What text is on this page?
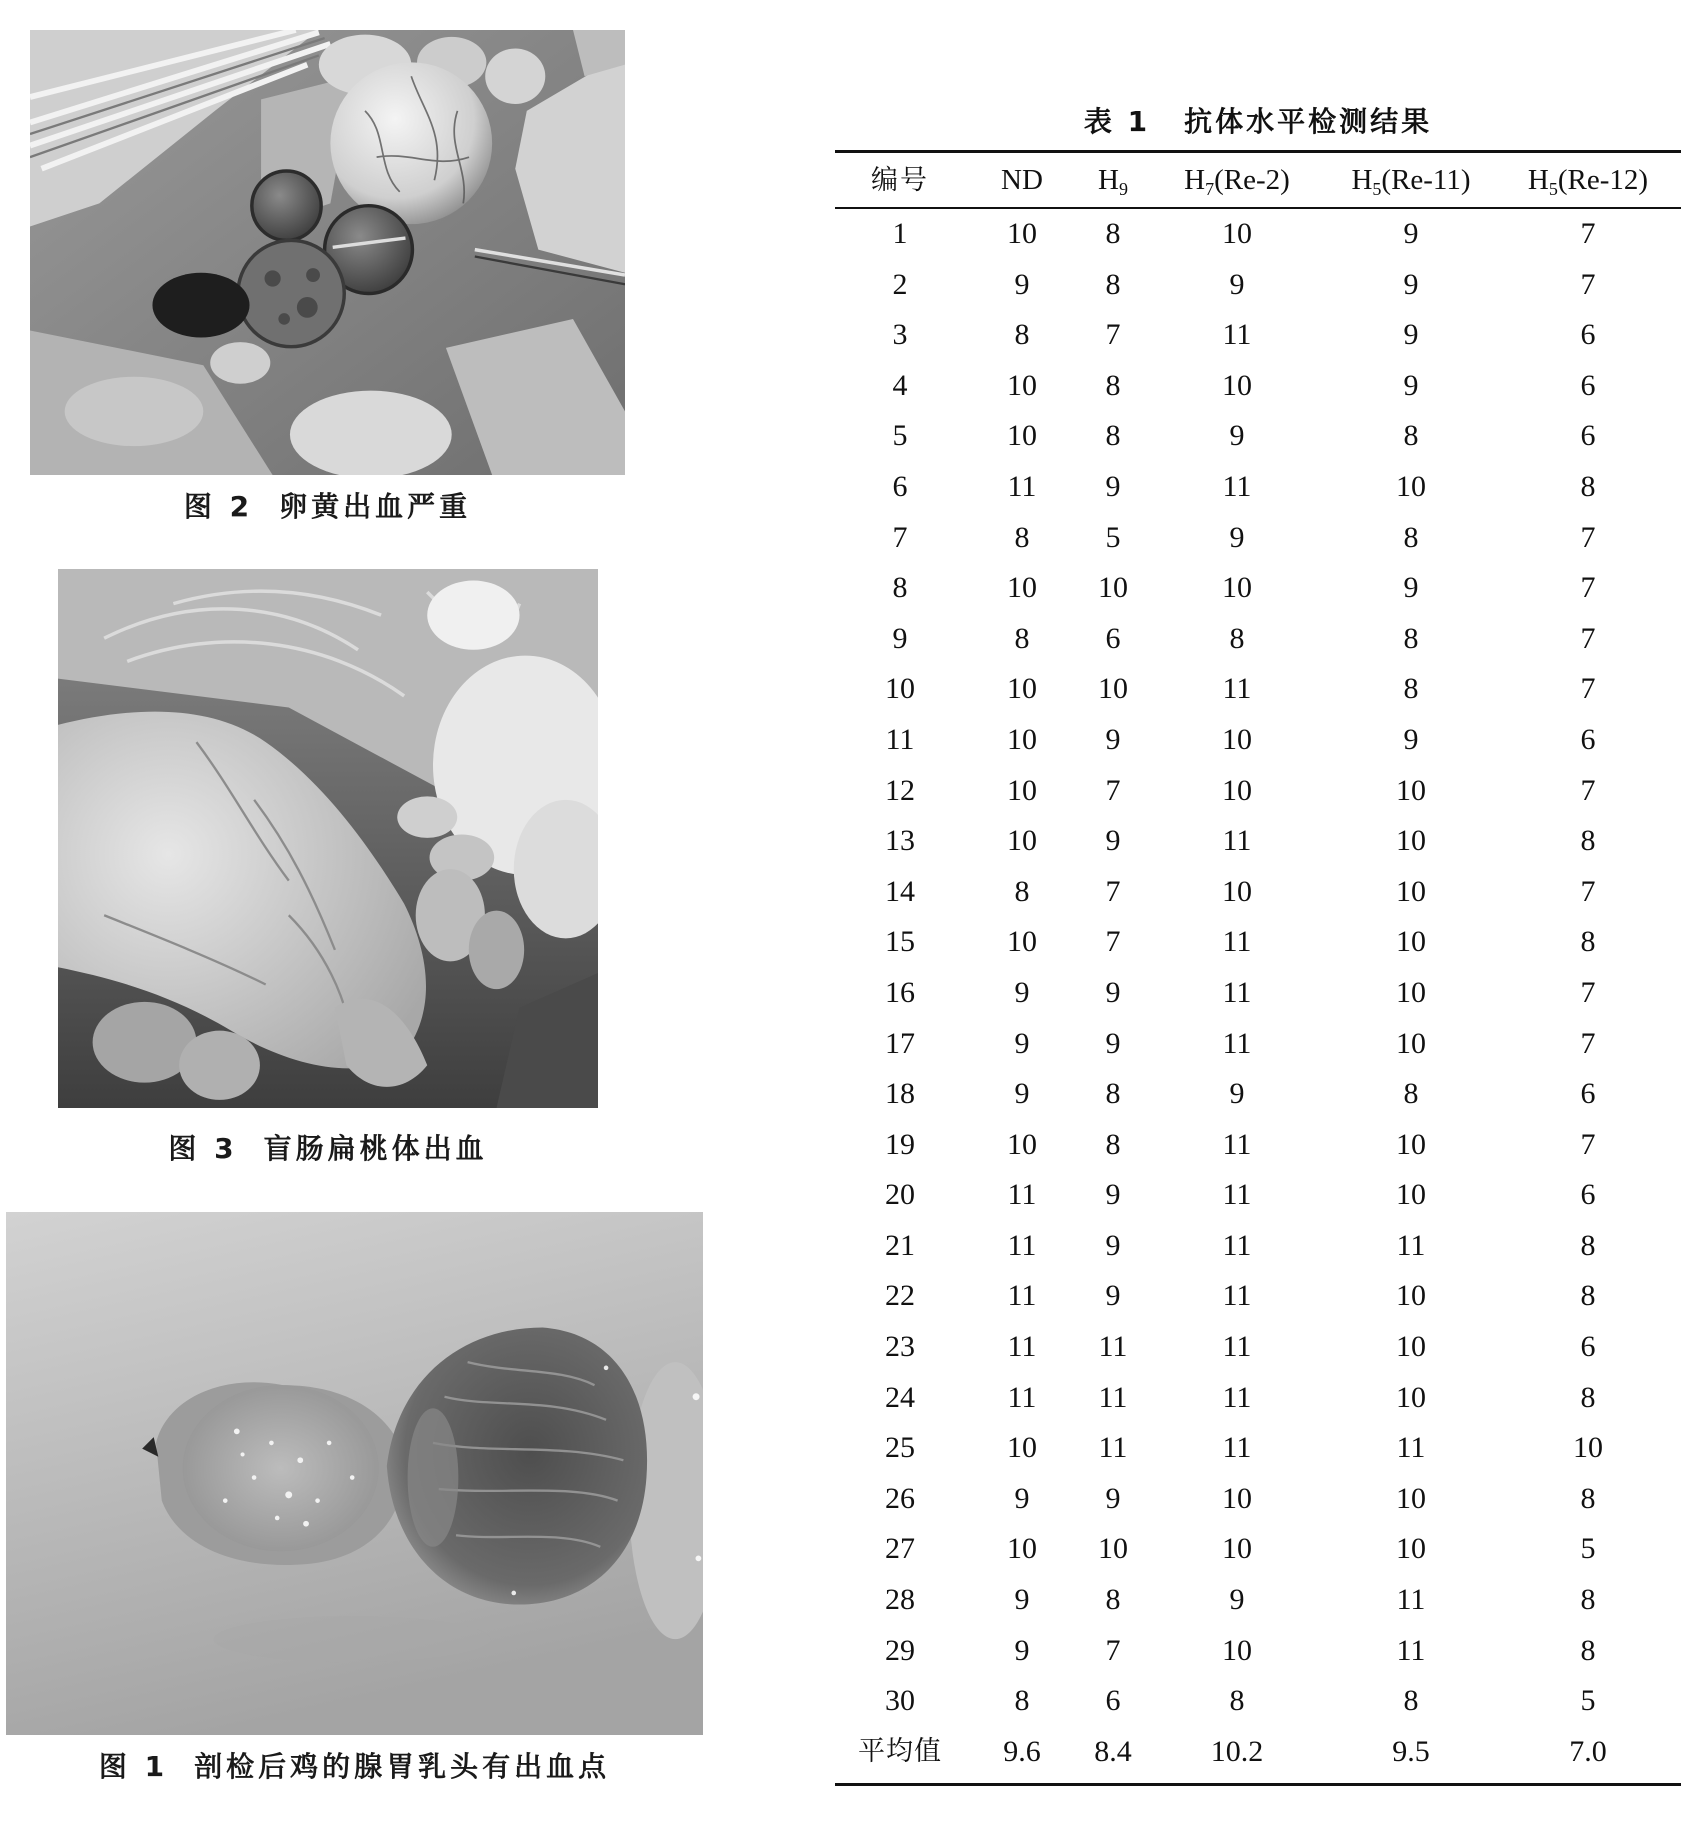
图 2 卵黄出血严重
图 3 盲肠扁桃体出血
图 1 剖检后鸡的腺胃乳头有出血点
表 1 抗体水平检测结果
编号	ND	$H_9$	$H_7(Re-2)$	$H_5(Re-11)$	$H_5(Re-12)$
1	10	8	10	9	7
2	9	8	9	9	7
3	8	7	11	9	6
4	10	8	10	9	6
5	10	8	9	8	6
6	11	9	11	10	8
7	8	5	9	8	7
8	10	10	10	9	7
9	8	6	8	8	7
10	10	10	11	8	7
11	10	9	10	9	6
12	10	7	10	10	7
13	10	9	11	10	8
14	8	7	10	10	7
15	10	7	11	10	8
16	9	9	11	10	7
17	9	9	11	10	7
18	9	8	9	8	6
19	10	8	11	10	7
20	11	9	11	10	6
21	11	9	11	11	8
22	11	9	11	10	8
23	11	11	11	10	6
24	11	11	11	10	8
25	10	11	11	11	10
26	9	9	10	10	8
27	10	10	10	10	5
28	9	8	9	11	8
29	9	7	10	11	8
30	8	6	8	8	5
平均值	9.6	8.4	10.2	9.5	7.0
